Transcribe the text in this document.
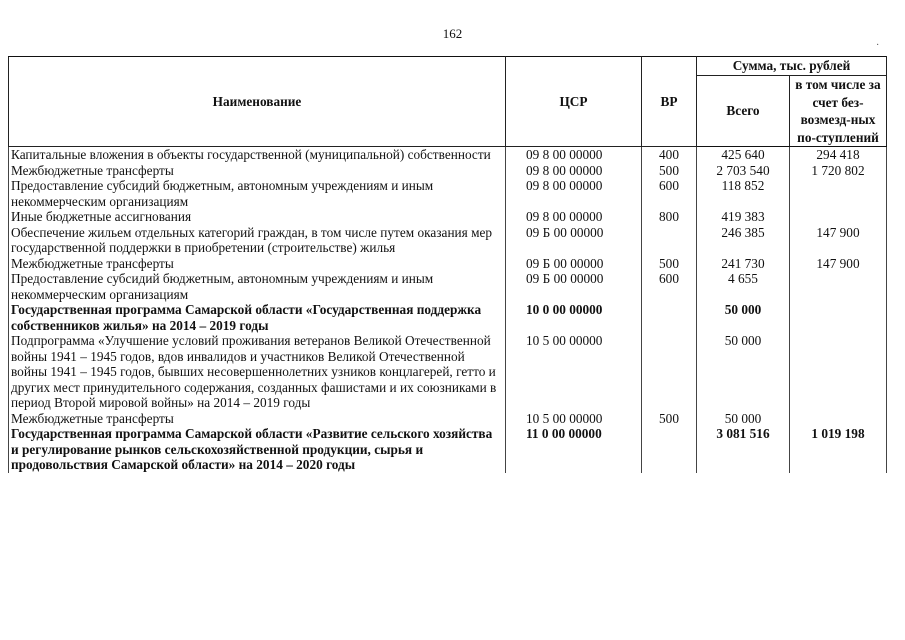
162
·
Наименование	ЦСР	ВР	Сумма, тыс. рублей	
			Всего	в том числе за счет без-возмезд-ных по-ступлений
Капитальные вложения в объекты государственной (муниципальной) собственности	09 8 00 00000	400	425 640	294 418
Межбюджетные трансферты	09 8 00 00000	500	2 703 540	1 720 802
Предоставление субсидий бюджетным, автономным учреждениям и иным некоммерческим организациям	09 8 00 00000	600	118 852	
Иные бюджетные ассигнования	09 8 00 00000	800	419 383	
Обеспечение жильем отдельных категорий граждан, в том числе путем оказания мер государственной поддержки в приобретении (строительстве) жилья	09 Б 00 00000		246 385	147 900
Межбюджетные трансферты	09 Б 00 00000	500	241 730	147 900
Предоставление субсидий бюджетным, автономным учреждениям и иным некоммерческим организациям	09 Б 00 00000	600	4 655	
Государственная программа Самарской области «Государственная поддержка собственников жилья» на 2014 – 2019 годы	10 0 00 00000		50 000	
Подпрограмма «Улучшение условий проживания ветеранов Великой Отечественной войны 1941 – 1945 годов, вдов инвалидов и участников Великой Отечественной войны 1941 – 1945 годов, бывших несовершеннолетних узников концлагерей, гетто и других мест принудительного содержания, созданных фашистами и их союзниками в период Второй мировой войны» на 2014 – 2019 годы	10 5 00 00000		50 000	
Межбюджетные трансферты	10 5 00 00000	500	50 000	
Государственная программа Самарской области «Развитие сельского хозяйства и регулирование рынков сельскохозяйственной продукции, сырья и продовольствия Самарской области» на 2014 – 2020 годы	11 0 00 00000		3 081 516	1 019 198
